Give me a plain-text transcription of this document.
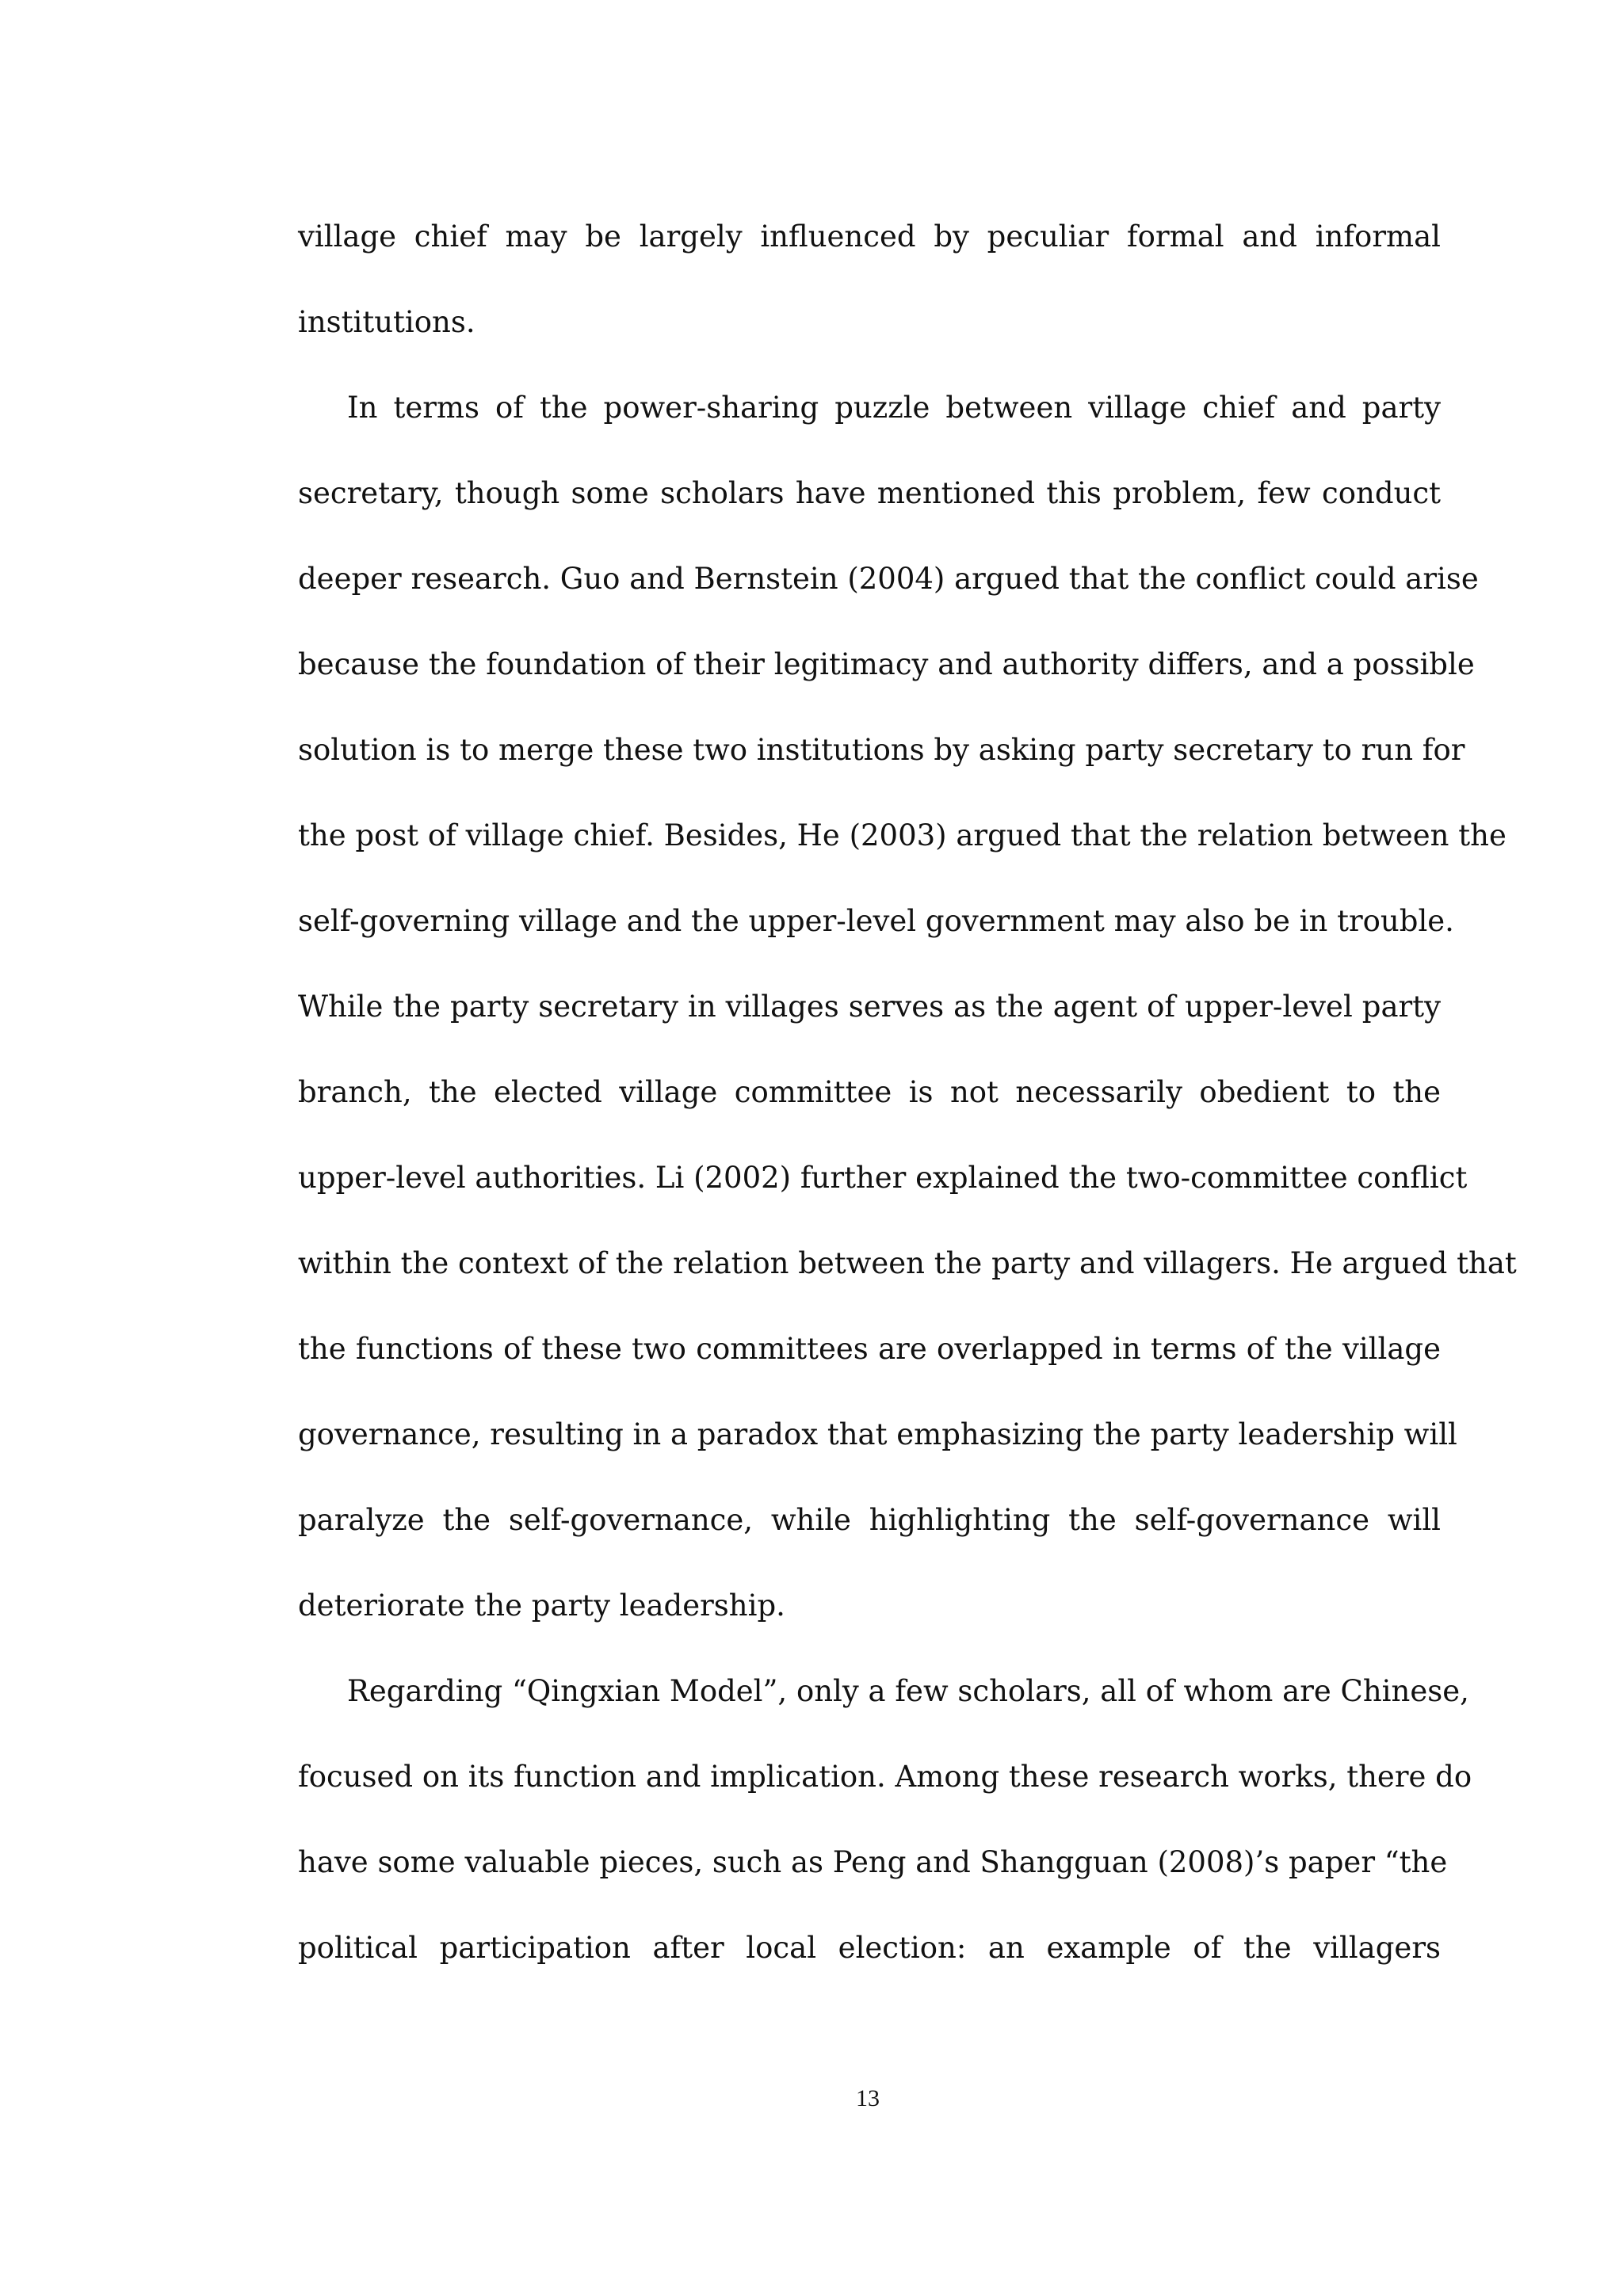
village chief may be largely influenced by peculiar formal and informal
institutions.
In terms of the power-sharing puzzle between village chief and party
secretary, though some scholars have mentioned this problem, few conduct
deeper research. Guo and Bernstein (2004) argued that the conflict could arise
because the foundation of their legitimacy and authority differs, and a possible
solution is to merge these two institutions by asking party secretary to run for
the post of village chief. Besides, He (2003) argued that the relation between the
self-governing village and the upper-level government may also be in trouble.
While the party secretary in villages serves as the agent of upper-level party
branch, the elected village committee is not necessarily obedient to the
upper-level authorities. Li (2002) further explained the two-committee conflict
within the context of the relation between the party and villagers. He argued that
the functions of these two committees are overlapped in terms of the village
governance, resulting in a paradox that emphasizing the party leadership will
paralyze the self-governance, while highlighting the self-governance will
deteriorate the party leadership.
Regarding “Qingxian Model”, only a few scholars, all of whom are Chinese,
focused on its function and implication. Among these research works, there do
have some valuable pieces, such as Peng and Shangguan (2008)’s paper “the
political participation after local election: an example of the villagers
13
